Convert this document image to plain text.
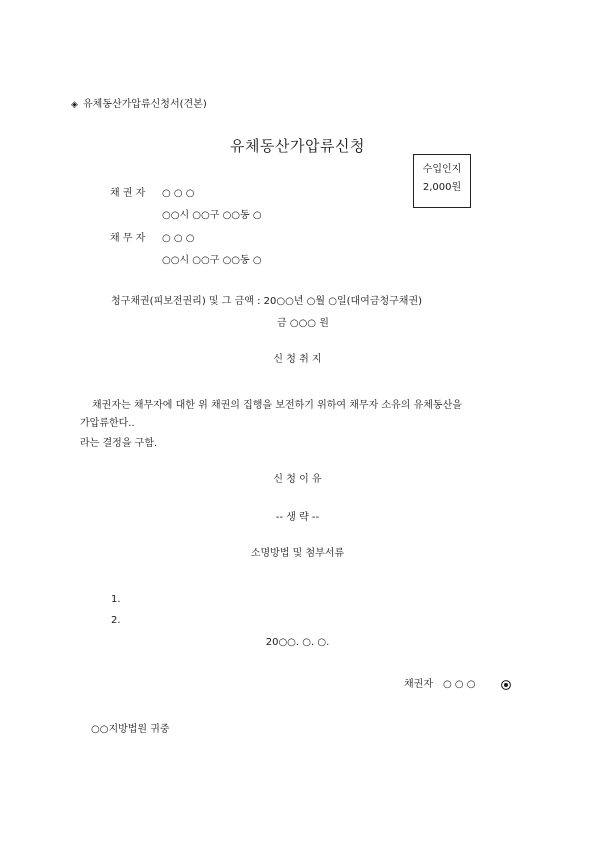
◈ 유체동산가압류신청서(견본)
유체동산가압류신청
수입인지
2,000원
채 권 자 ○ ○ ○
○○시 ○○구 ○○동 ○
채 무 자 ○ ○ ○
○○시 ○○구 ○○동 ○
청구채권(피보전권리) 및 그 금액 : 20○○년 ○월 ○일(대여금청구채권)
금 ○○○ 원
신 청 취 지
채권자는 채무자에 대한 위 채권의 집행을 보전하기 위하여 채무자 소유의 유체동산을
가압류한다..
라는 결정을 구함.
신 청 이 유
-- 생 략 --
소명방법 및 첨부서류
1.
2.
20○○. ○. ○.
채권자 ○ ○ ○
○○지방법원 귀중
